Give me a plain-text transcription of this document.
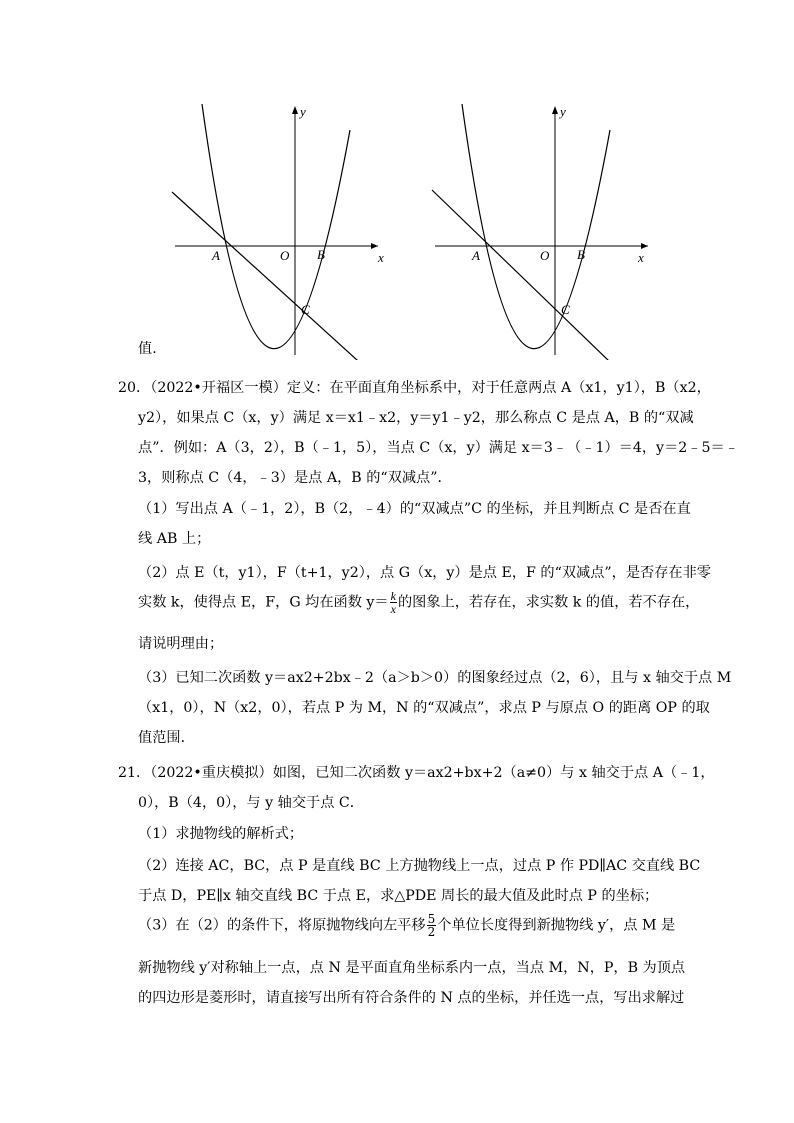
y
x
A	O B
C
y
x
A	O B
C
值.
20．（2022•开福区一模）定义：在平面直角坐标系中，对于任意两点 A（x1，y1），B（x2，
y2），如果点 C（x，y）满足 x＝x1﹣x2，y＝y1﹣y2，那么称点 C 是点 A，B 的“双减
点”．例如：A（3，2），B（﹣1，5），当点 C（x，y）满足 x＝3﹣（﹣1）＝4，y＝2﹣5＝﹣
3，则称点 C（4，﹣3）是点 A，B 的“双减点”．
（1）写出点 A（﹣1，2），B（2，﹣4）的“双减点”C 的坐标，并且判断点 C 是否在直
线 AB 上；
（2）点 E（t，y1），F（t+1，y2），点 G（x，y）是点 E，F 的“双减点”，是否存在非零
实数 k，使得点 E，F，G 均在函数 $y= \frac{k}{x}$ 的图象上，若存在，求实数 k 的值，若不存在，
请说明理由；
（3）已知二次函数 y＝ax2+2bx﹣2（a＞b＞0）的图象经过点（2，6），且与 x 轴交于点 M
（x1，0），N（x2，0），若点 P 为 M，N 的“双减点”，求点 P 与原点 O 的距离 OP 的取
值范围．
21．（2022•重庆模拟）如图，已知二次函数 y＝ax2+bx+2（a≠0）与 x 轴交于点 A（﹣1，
0），B（4，0），与 y 轴交于点 C．
（1）求抛物线的解析式；
（2）连接 AC，BC，点 P 是直线 BC 上方抛物线上一点，过点 P 作 PD∥AC 交直线 BC
于点 D，PE∥x 轴交直线 BC 于点 E，求△PDE 周长的最大值及此时点 P 的坐标；
（3）在（2）的条件下，将原抛物线向左平移 $\frac{5}{2}$ 个单位长度得到新抛物线 y′，点 M 是
新抛物线 y′对称轴上一点，点 N 是平面直角坐标系内一点，当点 M，N，P，B 为顶点
的四边形是菱形时，请直接写出所有符合条件的 N 点的坐标，并任选一点，写出求解过
